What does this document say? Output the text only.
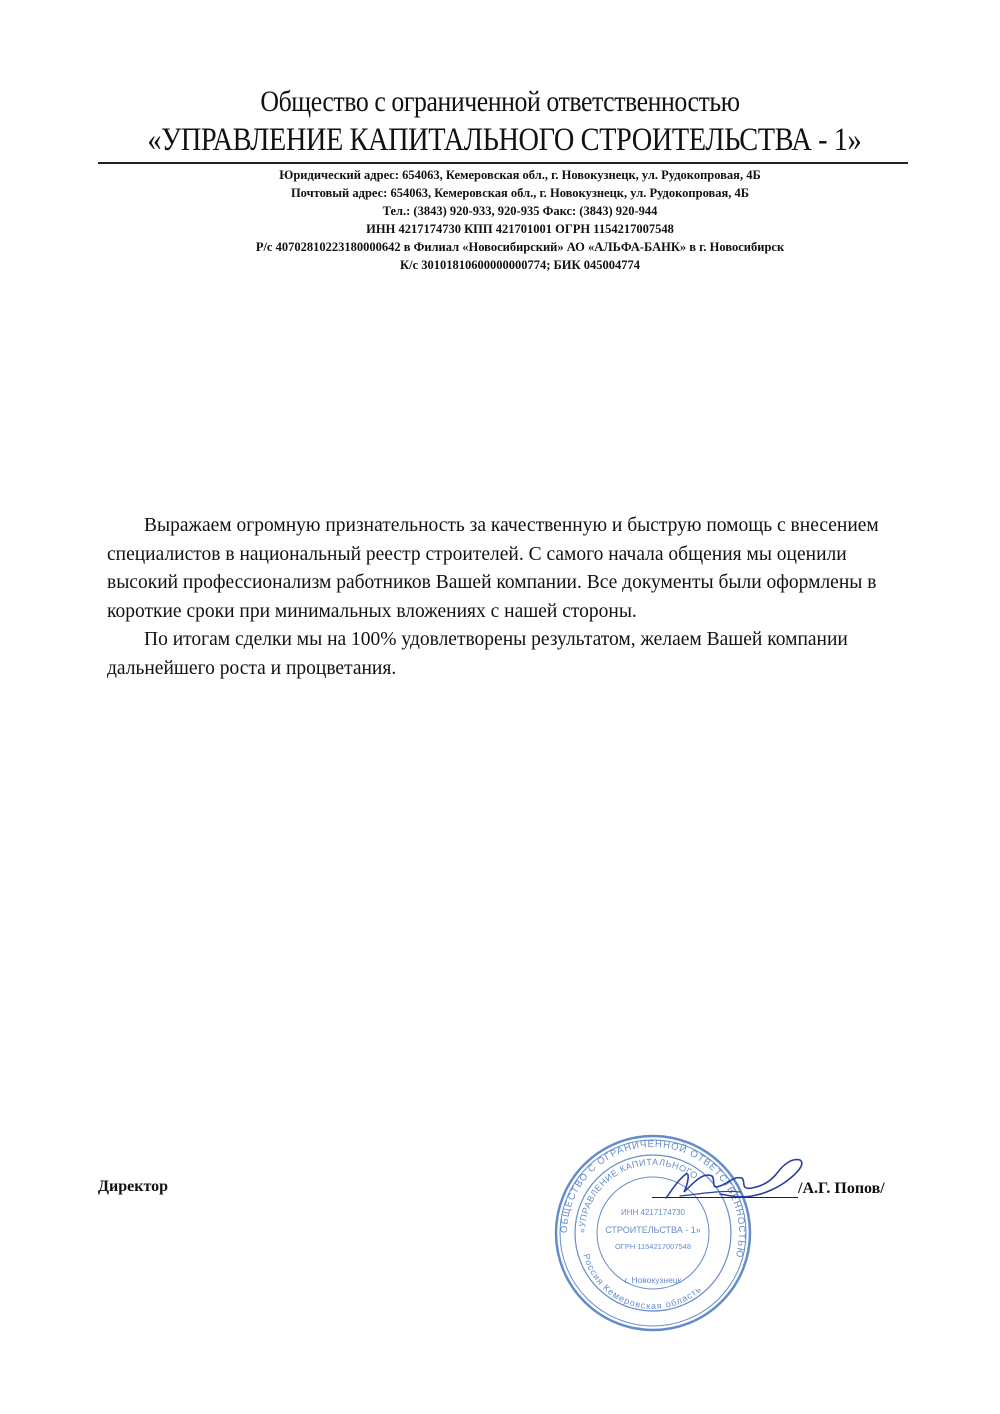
Общество с ограниченной ответственностью
«УПРАВЛЕНИЕ КАПИТАЛЬНОГО СТРОИТЕЛЬСТВА - 1»
Юридический адрес: 654063, Кемеровская обл., г. Новокузнецк, ул. Рудокопровая, 4Б
Почтовый адрес: 654063, Кемеровская обл., г. Новокузнецк, ул. Рудокопровая, 4Б
Тел.: (3843) 920-933, 920-935 Факс: (3843) 920-944
ИНН 4217174730 КПП 421701001 ОГРН 1154217007548
Р/с 40702810223180000642 в Филиал «Новосибирский» АО «АЛЬФА-БАНК» в г. Новосибирск
К/с 30101810600000000774; БИК 045004774

Выражаем огромную признательность за качественную и быструю помощь с внесением специалистов в национальный реестр строителей. С самого начала общения мы оценили высокий профессионализм работников Вашей компании. Все документы были оформлены в короткие сроки при минимальных вложениях с нашей стороны.

По итогам сделки мы на 100% удовлетворены результатом, желаем Вашей компании дальнейшего роста и процветания.

ОБЩЕСТВО С ОГРАНИЧЕННОЙ ОТВЕТСТВЕННОСТЬЮ
«УПРАВЛЕНИЕ КАПИТАЛЬНОГО
Россия Кемеровская область
ИНН 4217174730
СТРОИТЕЛЬСТВА - 1»
ОГРН 1154217007548
г. Новокузнецк
Директор	/А.Г. Попов/
